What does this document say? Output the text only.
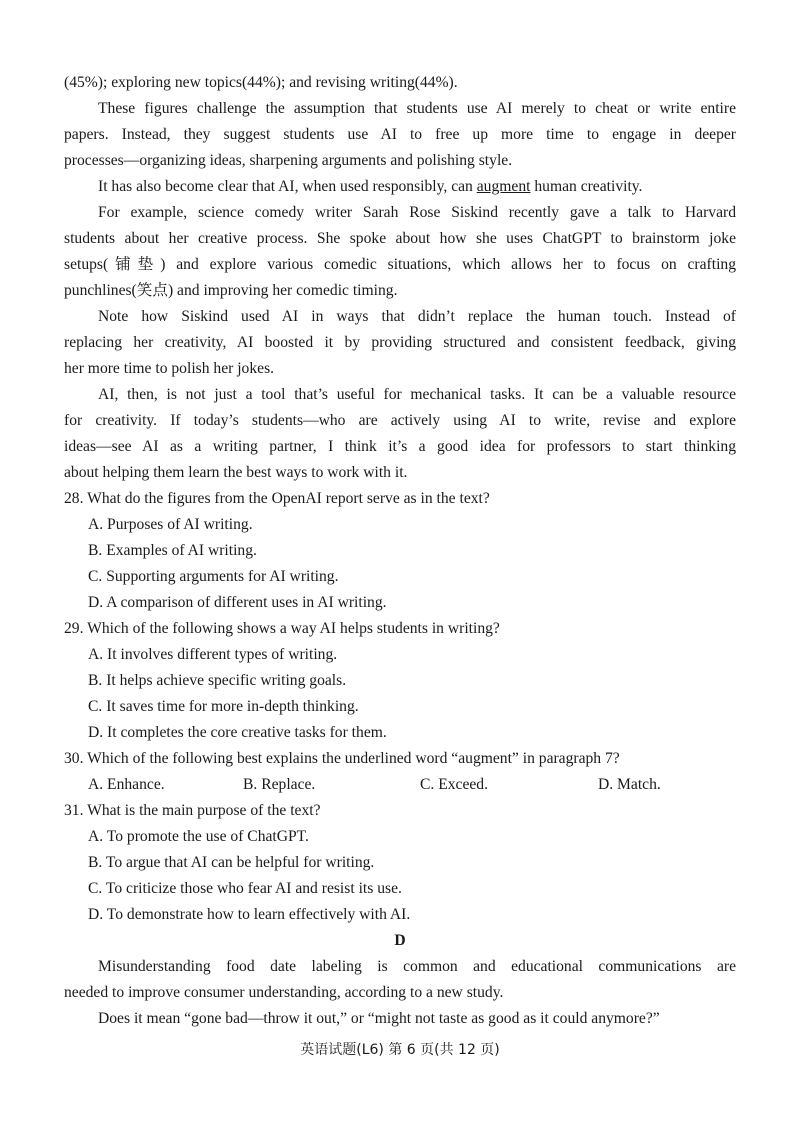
(45%); exploring new topics(44%); and revising writing(44%).
These figures challenge the assumption that students use AI merely to cheat or write entire
papers. Instead, they suggest students use AI to free up more time to engage in deeper
processes—organizing ideas, sharpening arguments and polishing style.
It has also become clear that AI, when used responsibly, can augment human creativity.
For example, science comedy writer Sarah Rose Siskind recently gave a talk to Harvard
students about her creative process. She spoke about how she uses ChatGPT to brainstorm joke
setups(铺垫) and explore various comedic situations, which allows her to focus on crafting
punchlines(笑点) and improving her comedic timing.
Note how Siskind used AI in ways that didn’t replace the human touch. Instead of
replacing her creativity, AI boosted it by providing structured and consistent feedback, giving
her more time to polish her jokes.
AI, then, is not just a tool that’s useful for mechanical tasks. It can be a valuable resource
for creativity. If today’s students—who are actively using AI to write, revise and explore
ideas—see AI as a writing partner, I think it’s a good idea for professors to start thinking
about helping them learn the best ways to work with it.
28. What do the figures from the OpenAI report serve as in the text?
A. Purposes of AI writing.
B. Examples of AI writing.
C. Supporting arguments for AI writing.
D. A comparison of different uses in AI writing.
29. Which of the following shows a way AI helps students in writing?
A. It involves different types of writing.
B. It helps achieve specific writing goals.
C. It saves time for more in-depth thinking.
D. It completes the core creative tasks for them.
30. Which of the following best explains the underlined word “augment” in paragraph 7?
A. Enhance.	B. Replace.	C. Exceed.	D. Match.
31. What is the main purpose of the text?
A. To promote the use of ChatGPT.
B. To argue that AI can be helpful for writing.
C. To criticize those who fear AI and resist its use.
D. To demonstrate how to learn effectively with AI.
D
Misunderstanding food date labeling is common and educational communications are
needed to improve consumer understanding, according to a new study.
Does it mean “gone bad—throw it out,” or “might not taste as good as it could anymore?”
英语试题(L6) 第 6 页(共 12 页)
